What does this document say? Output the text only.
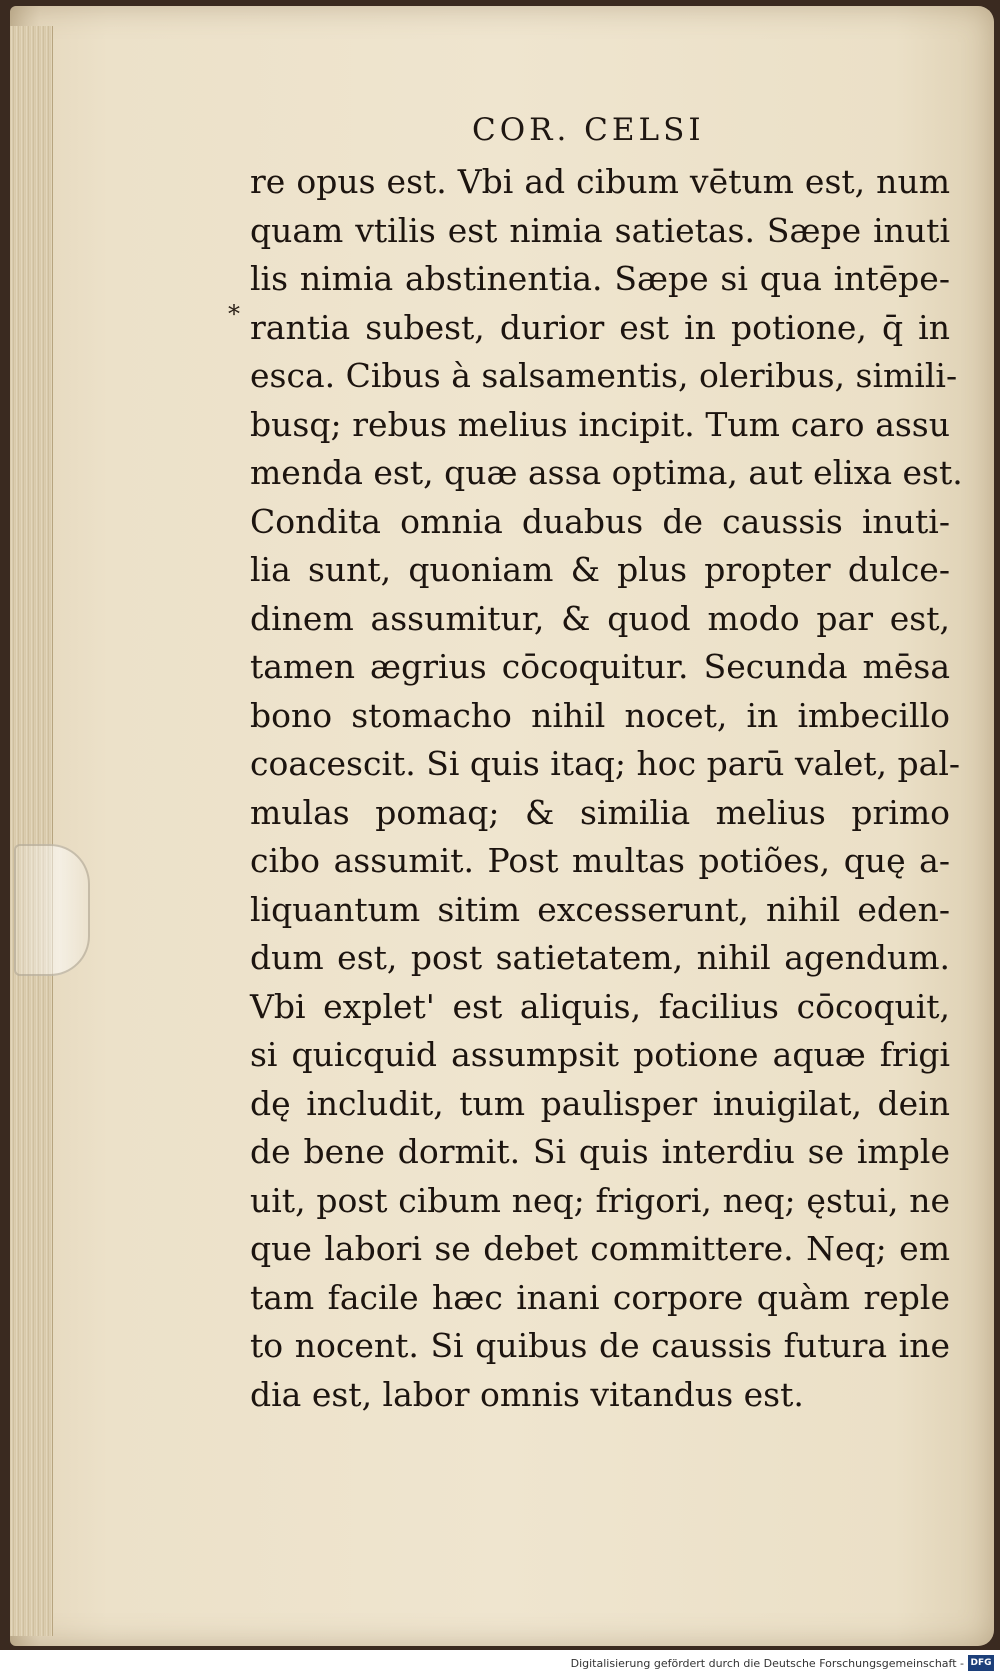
COR. CELSI
*
re opus est. Vbi ad cibum vētum est, num
quam vtilis est nimia satietas. Sæpe inuti
lis nimia abstinentia. Sæpe si qua intēpe-
rantia subest, durior est in potione, q̄ in
esca. Cibus à salsamentis, oleribus, simili-
busq; rebus melius incipit. Tum caro assu
menda est, quæ assa optima, aut elixa est.
Condita omnia duabus de caussis inuti-
lia sunt, quoniam & plus propter dulce-
dinem assumitur, & quod modo par est,
tamen ægrius cōcoquitur. Secunda mēsa
bono stomacho nihil nocet, in imbecillo
coacescit. Si quis itaq; hoc parū valet, pal-
mulas pomaq; & similia melius primo
cibo assumit. Post multas potiões, quę a-
liquantum sitim excesserunt, nihil eden-
dum est, post satietatem, nihil agendum.
Vbi explet' est aliquis, facilius cōcoquit,
si quicquid assumpsit potione aquæ frigi
dę includit, tum paulisper inuigilat, dein
de bene dormit. Si quis interdiu se imple
uit, post cibum neq; frigori, neq; ęstui, ne
que labori se debet committere. Neq; em
tam facile hæc inani corpore quàm reple
to nocent. Si quibus de caussis futura ine
dia est, labor omnis vitandus est.
Digitalisierung gefördert durch die Deutsche Forschungsgemeinschaft - DFG
